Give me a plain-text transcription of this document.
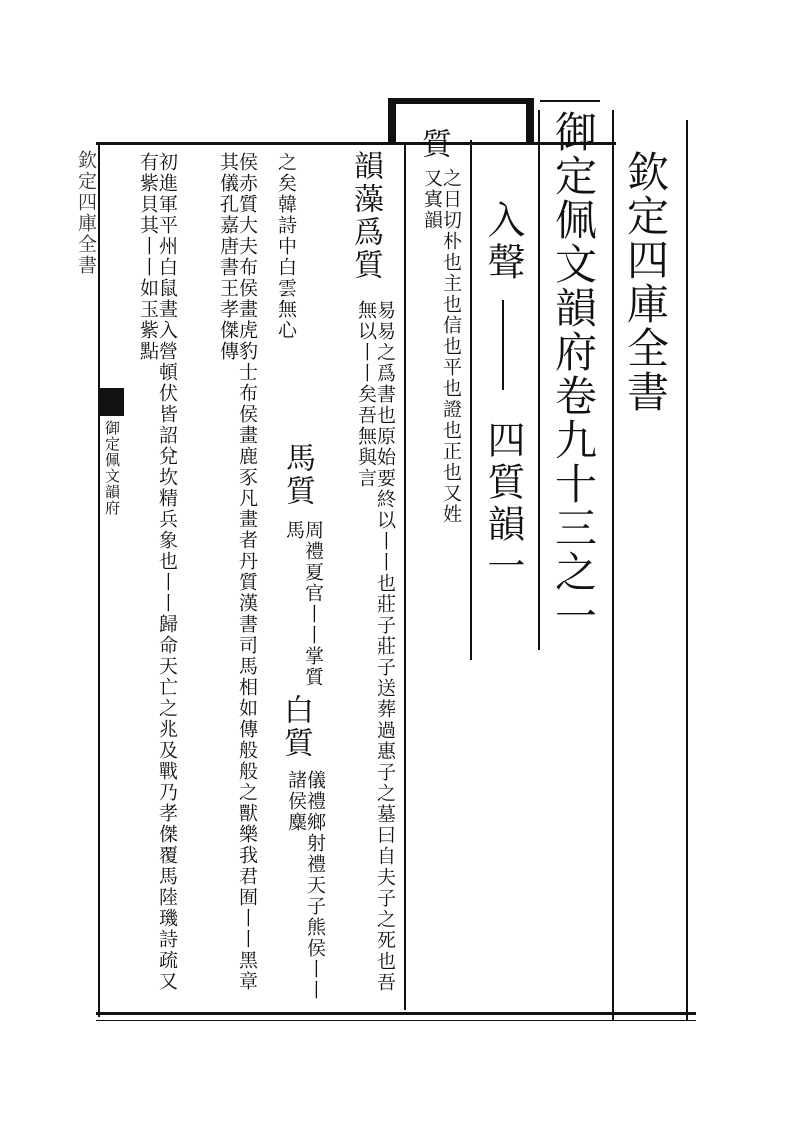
欽定四庫全書
御定佩文韻府卷九十三之一
入聲
四質韻一
質
之日切朴也主也信也平也證也正也又姓又寘韻
韻藻爲質
易易之爲書也原始要終以丨丨也莊子莊子送葬過惠子之墓曰自夫子之死也吾無以丨丨矣吾無與言
之矣韓詩中白雲無心
馬質
周禮夏官丨丨掌質馬
白質
儀禮鄉射禮天子熊侯丨丨諸侯麋
侯赤質大夫布侯畫虎豹士布侯畫鹿豕凡畫者丹質漢書司馬相如傳般般之獸樂我君囿丨丨黑章其儀孔嘉唐書王孝傑傳
初進軍平州白鼠晝入營頓伏皆詔兌坎精兵象也丨丨歸命天亡之兆及戰乃孝傑覆馬陸璣詩疏又有紫貝其丨丨如玉紫點
御定佩文韻府
欽定四庫全書
